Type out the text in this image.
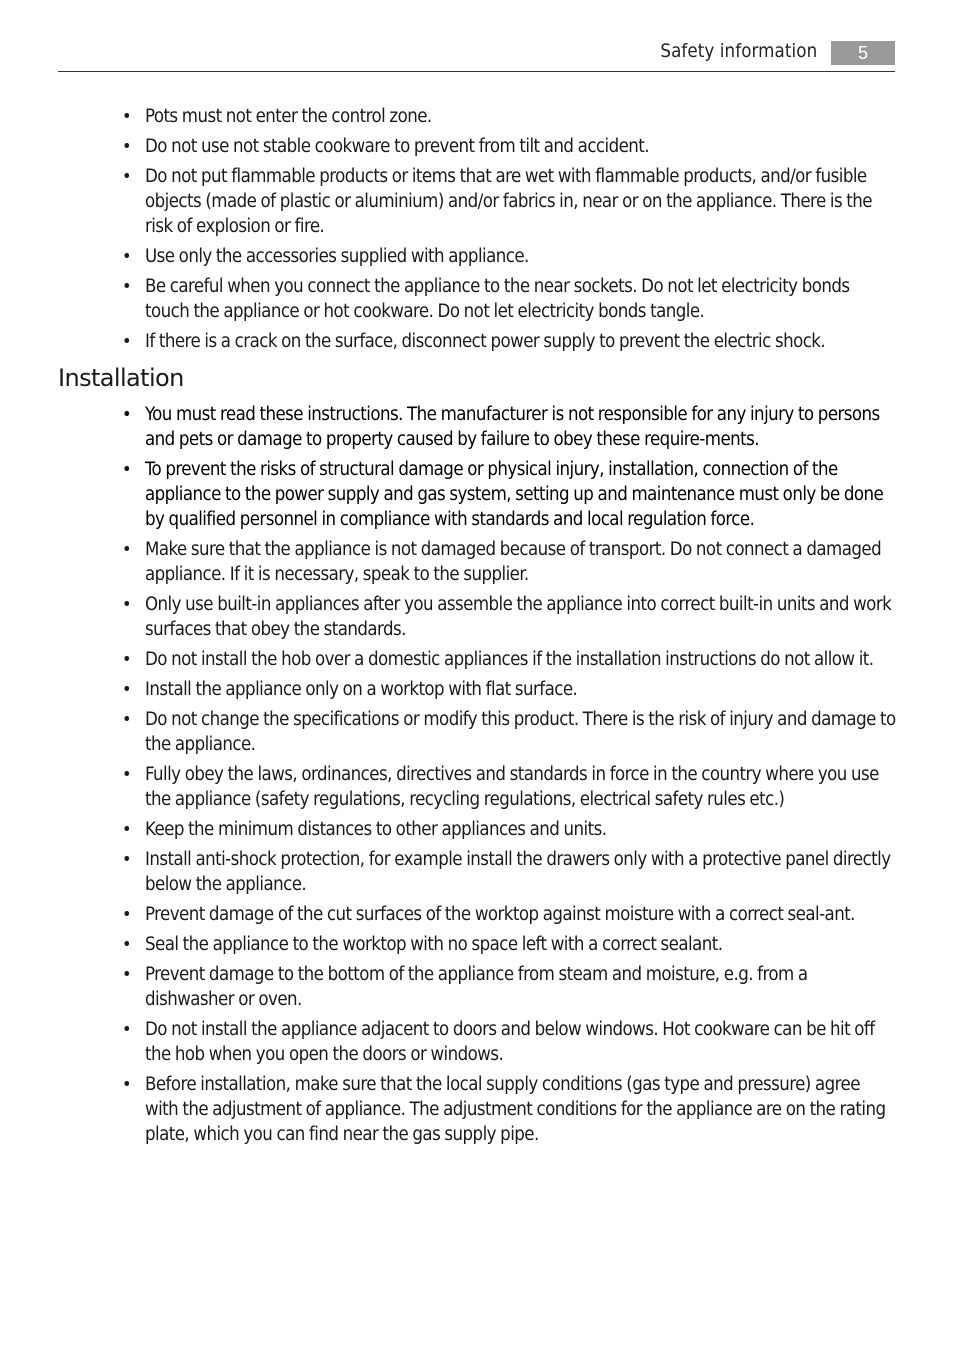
Safety information	5
• Pots must not enter the control zone.
• Do not use not stable cookware to prevent from tilt and accident.
• Do not put flammable products or items that are wet with flammable products, and/or fusible objects (made of plastic or aluminium) and/or fabrics in, near or on the appliance. There is the risk of explosion or fire.
• Use only the accessories supplied with appliance.
• Be careful when you connect the appliance to the near sockets. Do not let electricity bonds touch the appliance or hot cookware. Do not let electricity bonds tangle.
• If there is a crack on the surface, disconnect power supply to prevent the electric shock.
Installation
• You must read these instructions. The manufacturer is not responsible for any injury to persons and pets or damage to property caused by failure to obey these require-ments.
• To prevent the risks of structural damage or physical injury, installation, connection of the appliance to the power supply and gas system, setting up and maintenance must only be done by qualified personnel in compliance with standards and local regulation force.
• Make sure that the appliance is not damaged because of transport. Do not connect a damaged appliance. If it is necessary, speak to the supplier.
• Only use built-in appliances after you assemble the appliance into correct built-in units and work surfaces that obey the standards.
• Do not install the hob over a domestic appliances if the installation instructions do not allow it.
• Install the appliance only on a worktop with flat surface.
• Do not change the specifications or modify this product. There is the risk of injury and damage to the appliance.
• Fully obey the laws, ordinances, directives and standards in force in the country where you use the appliance (safety regulations, recycling regulations, electrical safety rules etc.)
• Keep the minimum distances to other appliances and units.
• Install anti-shock protection, for example install the drawers only with a protective panel directly below the appliance.
• Prevent damage of the cut surfaces of the worktop against moisture with a correct seal-ant.
• Seal the appliance to the worktop with no space left with a correct sealant.
• Prevent damage to the bottom of the appliance from steam and moisture, e.g. from a dishwasher or oven.
• Do not install the appliance adjacent to doors and below windows. Hot cookware can be hit off the hob when you open the doors or windows.
• Before installation, make sure that the local supply conditions (gas type and pressure) agree with the adjustment of appliance. The adjustment conditions for the appliance are on the rating plate, which you can find near the gas supply pipe.
